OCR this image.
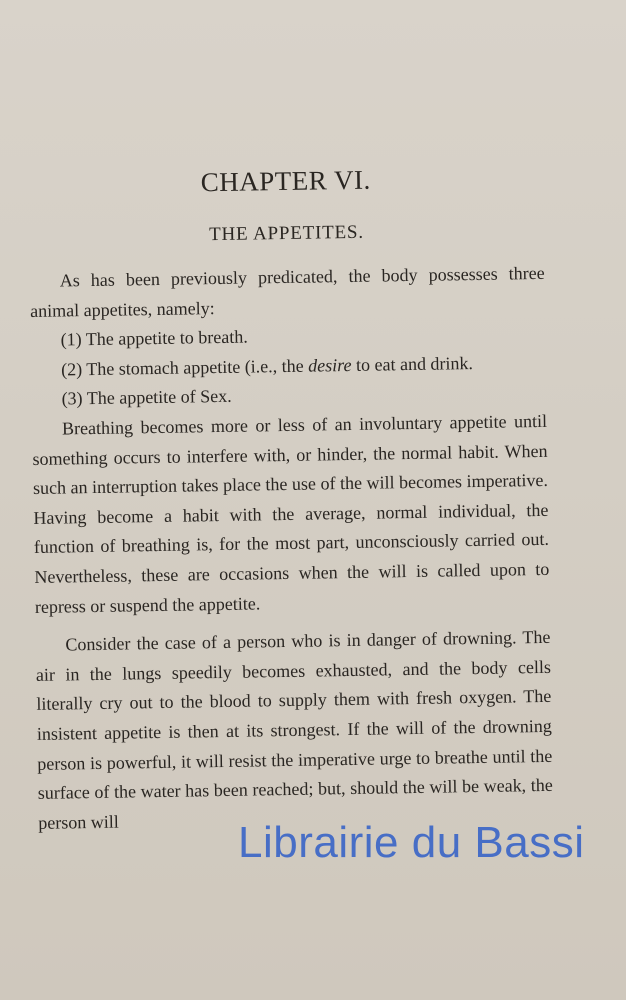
CHAPTER VI.
THE APPETITES.

As has been previously predicated, the body possesses three animal appetites, namely:

(1) The appetite to breath.

(2) The stomach appetite (i.e., the desire to eat and drink.

(3) The appetite of Sex.

Breathing becomes more or less of an involuntary appetite until something occurs to interfere with, or hinder, the normal habit. When such an interruption takes place the use of the will becomes imperative. Having become a habit with the average, normal individual, the function of breathing is, for the most part, unconsciously carried out. Nevertheless, these are occasions when the will is called upon to repress or suspend the appetite.

Consider the case of a person who is in danger of drowning. The air in the lungs speedily becomes exhausted, and the body cells literally cry out to the blood to supply them with fresh oxygen. The insistent appetite is then at its strongest. If the will of the drowning person is powerful, it will resist the imperative urge to breathe until the surface of the water has been reached; but, should the will be weak, the person will	Librairie du Bassi
